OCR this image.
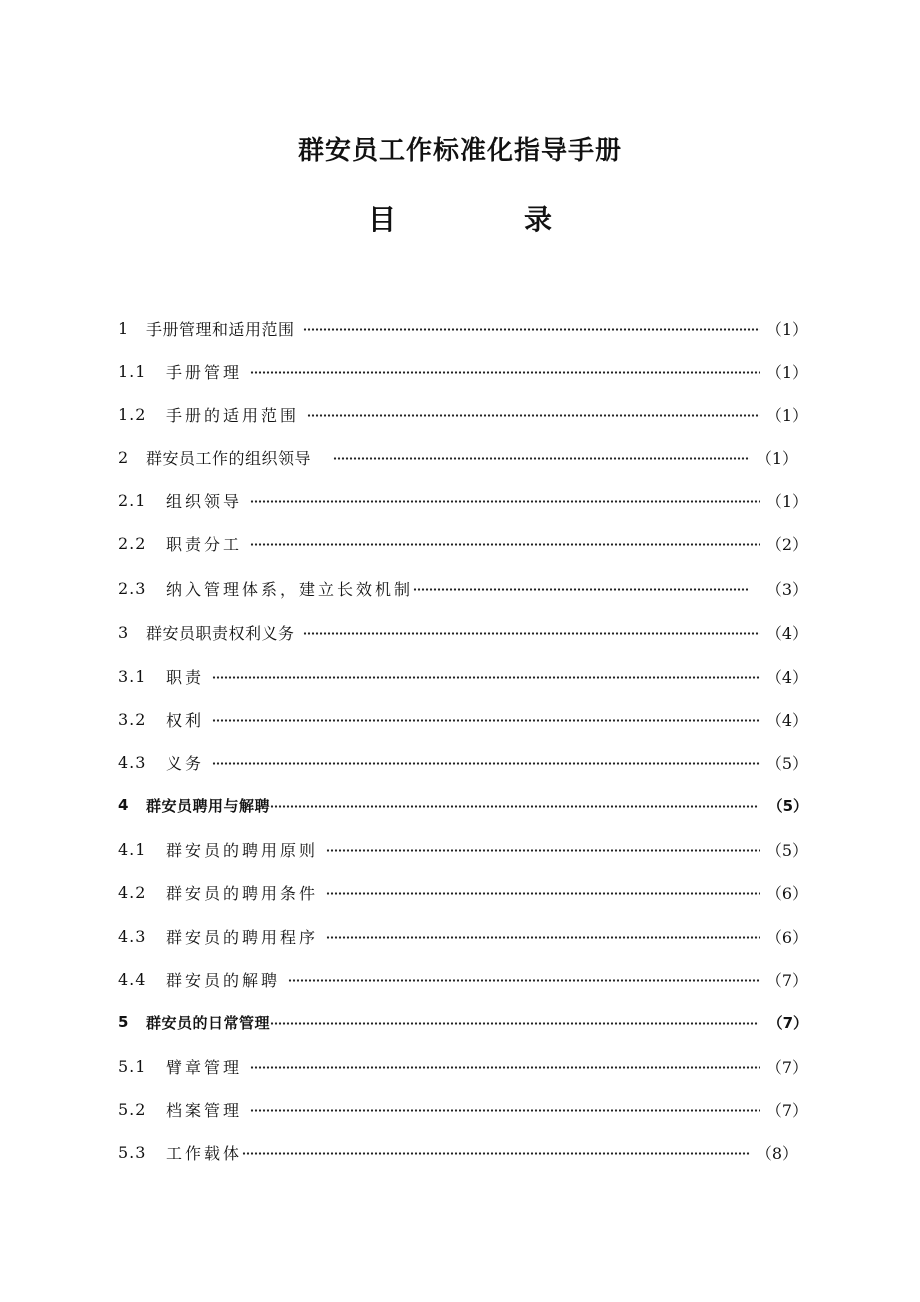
群安员工作标准化指导手册
目	录
1	手册管理和适用范围	（1）
1.1	手册管理	（1）
1.2	手册的适用范围	（1）
2	群安员工作的组织领导	（1）
2.1	组织领导	（1）
2.2	职责分工	（2）
2.3	纳入管理体系，建立长效机制	（3）
3	群安员职责权利义务	（4）
3.1	职责	（4）
3.2	权利	（4）
4.3	义务	（5）
4	群安员聘用与解聘	（5）
4.1	群安员的聘用原则	（5）
4.2	群安员的聘用条件	（6）
4.3	群安员的聘用程序	（6）
4.4	群安员的解聘	（7）
5	群安员的日常管理	（7）
5.1	臂章管理	（7）
5.2	档案管理	（7）
5.3	工作载体	（8）
